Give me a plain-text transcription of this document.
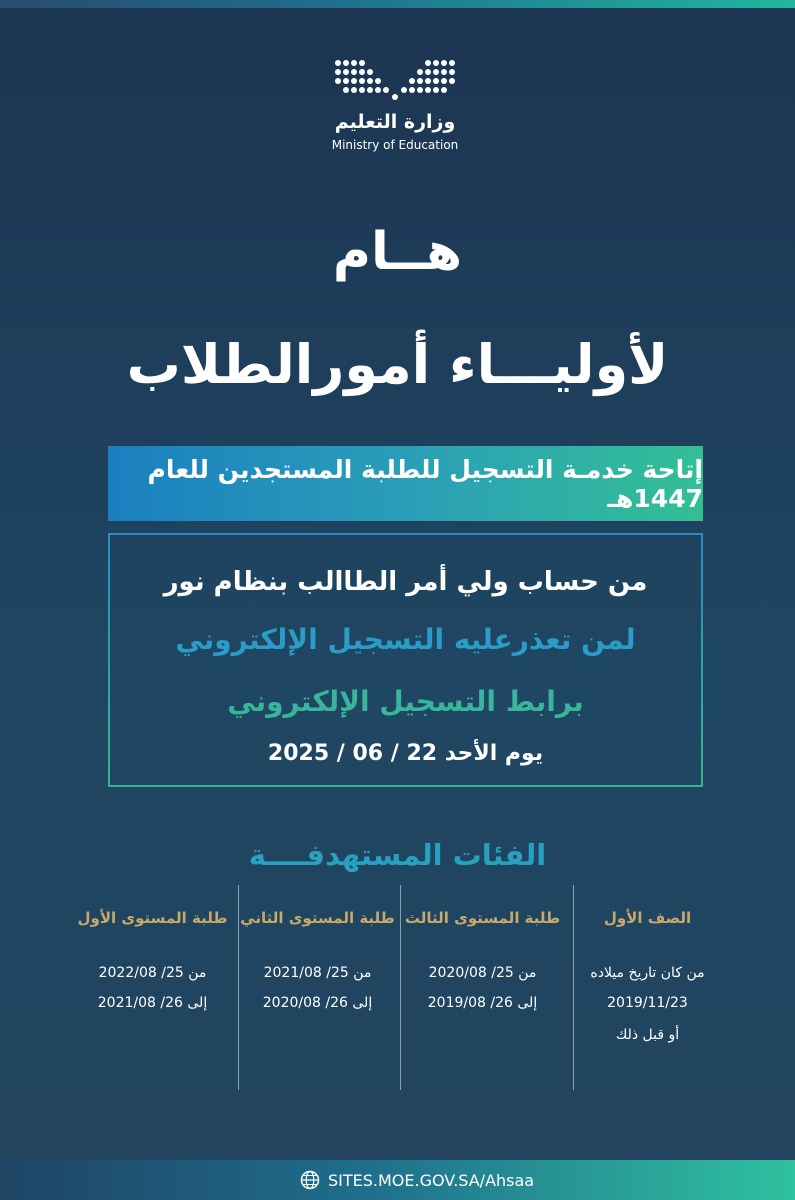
وزارة التعليم
Ministry of Education
هــام
لأوليـــاء أمورالطلاب
إتاحة خدمـة التسجيل للطلبة المستجدين للعام 1447هـ
من حساب ولي أمر الطاالب بنظام نور
لمن تعذرعليه التسجيل الإلكتروني
برابط التسجيل الإلكتروني
يوم الأحد 22 / 06 / 2025
الفئات المستهدفــــة
الصف الأول
من كان تاريخ ميلاده
2019/11/23
أو قبل ذلك
طلبة المستوى الثالث
من 25/ 2020/08
إلى 26/ 2019/08
طلبة المستوى الثاني
من 25/ 2021/08
إلى 26/ 2020/08
طلبة المستوى الأول
من 25/ 2022/08
إلى 26/ 2021/08
SITES.MOE.GOV.SA/Ahsaa
